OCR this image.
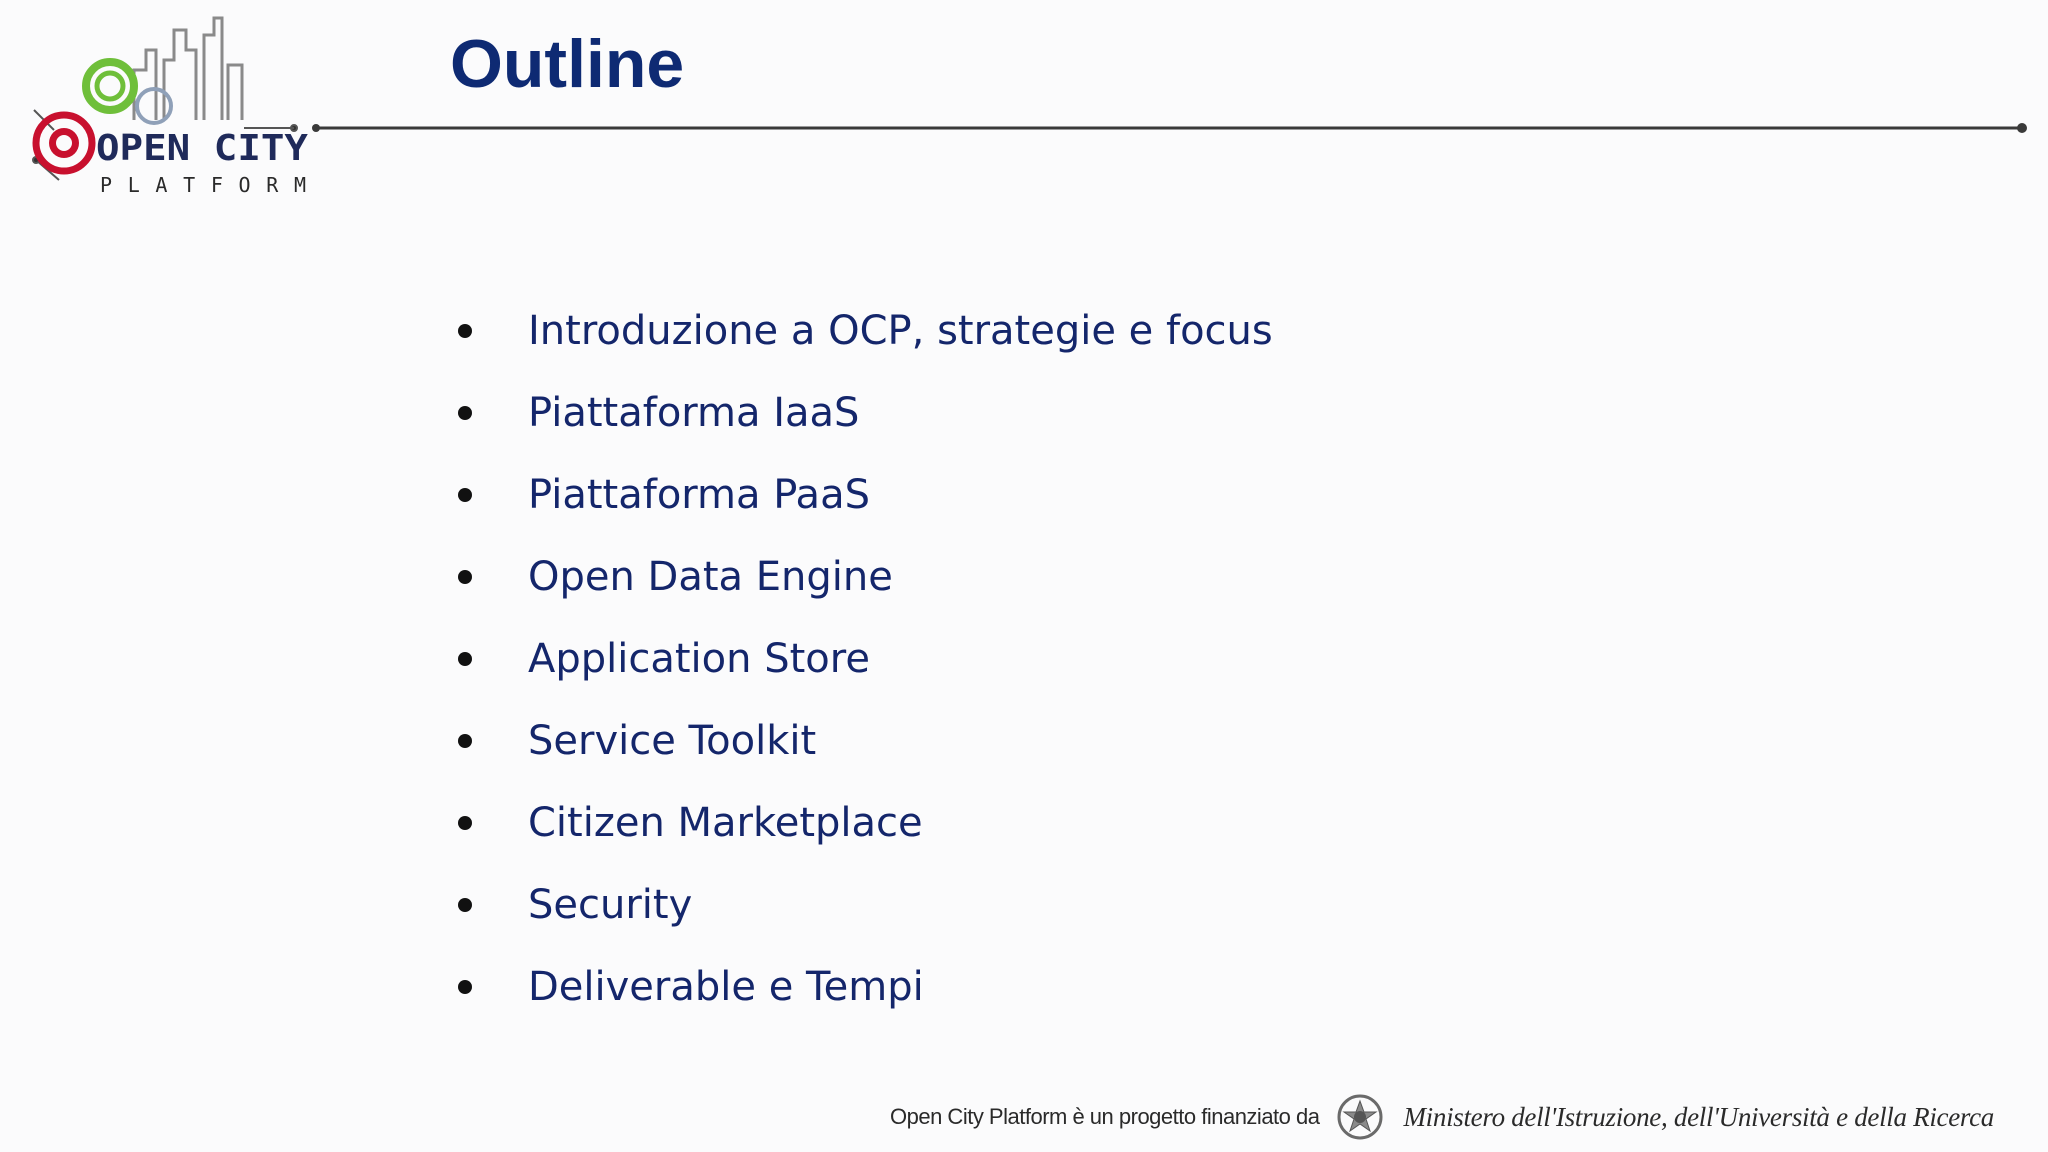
OPEN CITY
PLATFORM
Outline
Introduzione a OCP, strategie e focus
Piattaforma IaaS
Piattaforma PaaS
Open Data Engine
Application Store
Service Toolkit
Citizen Marketplace
Security
Deliverable e Tempi
Open City Platform è un progetto finanziato da	Ministero dell'Istruzione, dell'Università e della Ricerca
